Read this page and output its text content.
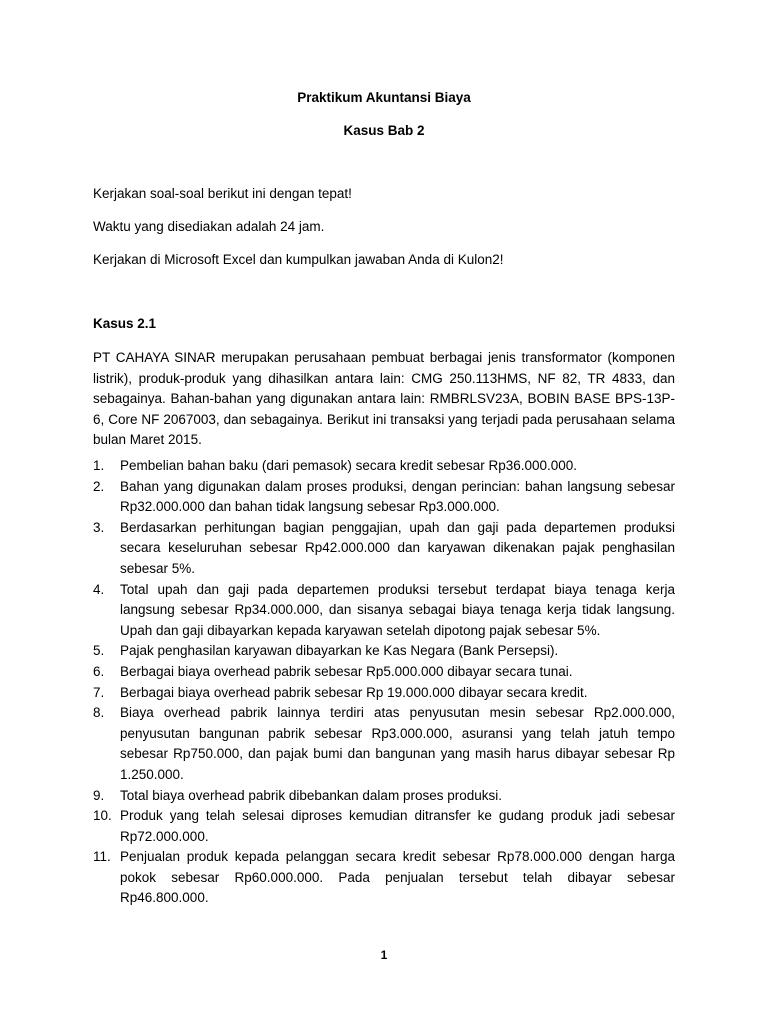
Praktikum Akuntansi Biaya
Kasus Bab 2
Kerjakan soal-soal berikut ini dengan tepat!
Waktu yang disediakan adalah 24 jam.
Kerjakan di Microsoft Excel dan kumpulkan jawaban Anda di Kulon2!
Kasus 2.1

PT CAHAYA SINAR merupakan perusahaan pembuat berbagai jenis transformator (komponen listrik), produk-produk yang dihasilkan antara lain: CMG 250.113HMS, NF 82, TR 4833, dan sebagainya. Bahan-bahan yang digunakan antara lain: RMBRLSV23A, BOBIN BASE BPS-13P-6, Core NF 2067003, dan sebagainya. Berikut ini transaksi yang terjadi pada perusahaan selama bulan Maret 2015.

1.	Pembelian bahan baku (dari pemasok) secara kredit sebesar Rp36.000.000.
2.	Bahan yang digunakan dalam proses produksi, dengan perincian: bahan langsung sebesar Rp32.000.000 dan bahan tidak langsung sebesar Rp3.000.000.
3.	Berdasarkan perhitungan bagian penggajian, upah dan gaji pada departemen produksi secara keseluruhan sebesar Rp42.000.000 dan karyawan dikenakan pajak penghasilan sebesar 5%.
4.	Total upah dan gaji pada departemen produksi tersebut terdapat biaya tenaga kerja langsung sebesar Rp34.000.000, dan sisanya sebagai biaya tenaga kerja tidak langsung. Upah dan gaji dibayarkan kepada karyawan setelah dipotong pajak sebesar 5%.
5.	Pajak penghasilan karyawan dibayarkan ke Kas Negara (Bank Persepsi).
6.	Berbagai biaya overhead pabrik sebesar Rp5.000.000 dibayar secara tunai.
7.	Berbagai biaya overhead pabrik sebesar Rp 19.000.000 dibayar secara kredit.
8.	Biaya overhead pabrik lainnya terdiri atas penyusutan mesin sebesar Rp2.000.000, penyusutan bangunan pabrik sebesar Rp3.000.000, asuransi yang telah jatuh tempo sebesar Rp750.000, dan pajak bumi dan bangunan yang masih harus dibayar sebesar Rp 1.250.000.
9.	Total biaya overhead pabrik dibebankan dalam proses produksi.
10. Produk yang telah selesai diproses kemudian ditransfer ke gudang produk jadi sebesar Rp72.000.000.
11. Penjualan produk kepada pelanggan secara kredit sebesar Rp78.000.000 dengan harga pokok sebesar Rp60.000.000. Pada penjualan tersebut telah dibayar sebesar Rp46.800.000.
1
